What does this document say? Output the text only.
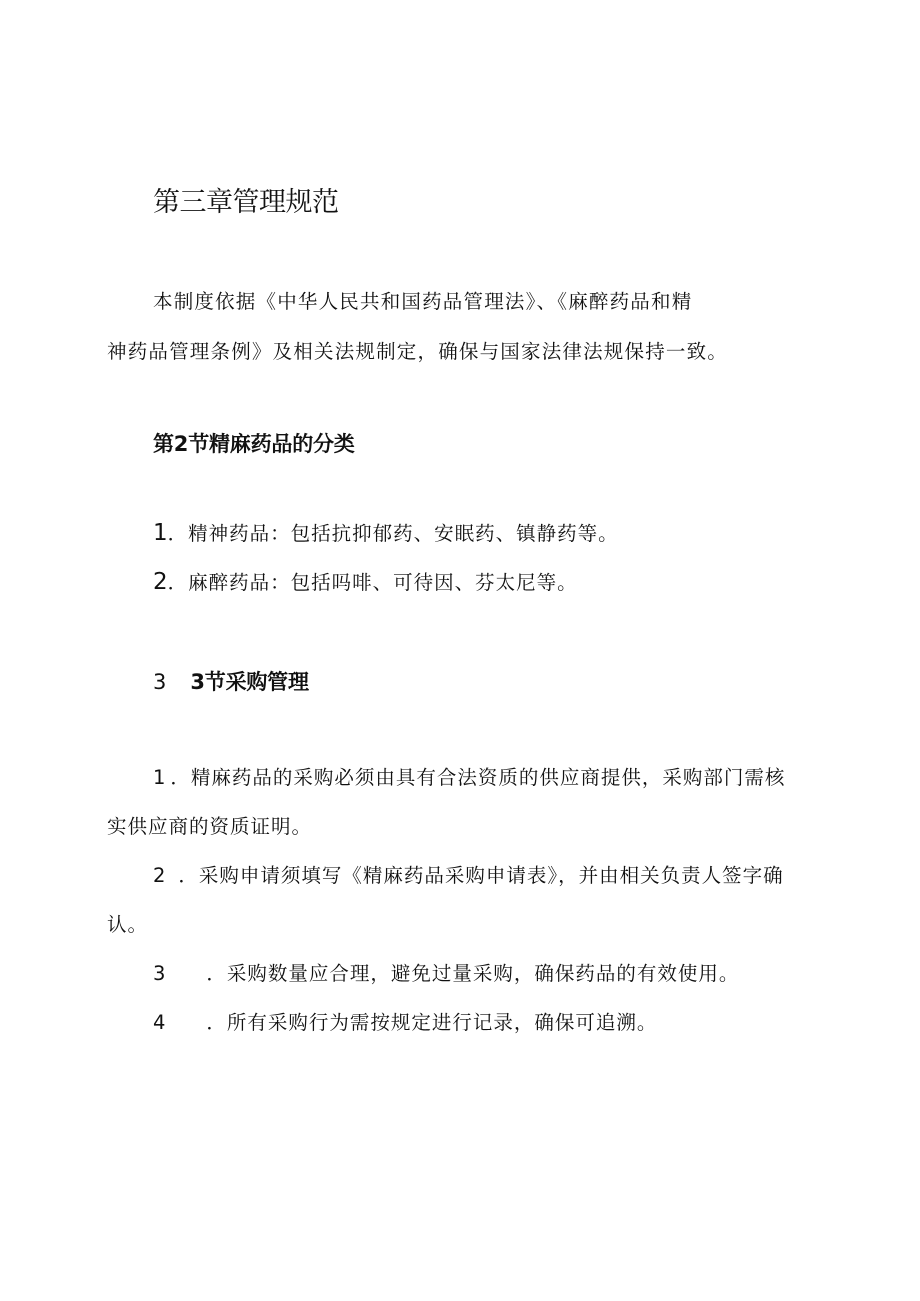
第三章管理规范
本制度依据《中华人民共和国药品管理法》、《麻醉药品和精
神药品管理条例》及相关法规制定，确保与国家法律法规保持一致。
第2节精麻药品的分类
1．精神药品：包括抗抑郁药、安眠药、镇静药等。
2．麻醉药品：包括吗啡、可待因、芬太尼等。
3 3节采购管理
1 ．精麻药品的采购必须由具有合法资质的供应商提供，采购部门需核
实供应商的资质证明。
2 ．采购申请须填写《精麻药品采购申请表》，并由相关负责人签字确
认。
3 ．采购数量应合理，避免过量采购，确保药品的有效使用。
4 ．所有采购行为需按规定进行记录，确保可追溯。
